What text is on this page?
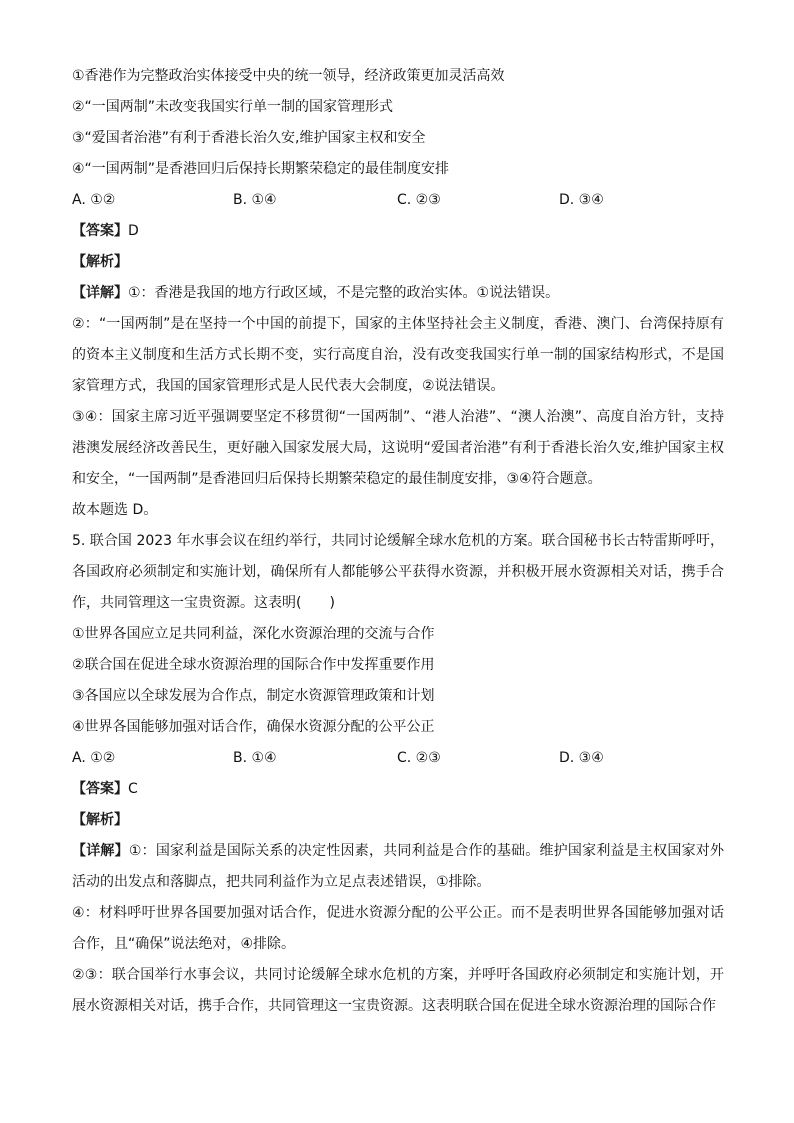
①香港作为完整政治实体接受中央的统一领导，经济政策更加灵活高效
②“一国两制”未改变我国实行单一制的国家管理形式
③“爱国者治港”有利于香港长治久安,维护国家主权和安全
④“一国两制”是香港回归后保持长期繁荣稳定的最佳制度安排
A. ①②	B. ①④	C. ②③	D. ③④
【答案】D
【解析】
【详解】①：香港是我国的地方行政区域，不是完整的政治实体。①说法错误。
②：“一国两制”是在坚持一个中国的前提下，国家的主体坚持社会主义制度，香港、澳门、台湾保持原有的资本主义制度和生活方式长期不变，实行高度自治，没有改变我国实行单一制的国家结构形式，不是国家管理方式，我国的国家管理形式是人民代表大会制度，②说法错误。
③④：国家主席习近平强调要坚定不移贯彻“一国两制”、“港人治港”、“澳人治澳”、高度自治方针，支持港澳发展经济改善民生，更好融入国家发展大局，这说明“爱国者治港”有利于香港长治久安,维护国家主权和安全，“一国两制”是香港回归后保持长期繁荣稳定的最佳制度安排，③④符合题意。
故本题选 D。
5. 联合国 2023 年水事会议在纽约举行，共同讨论缓解全球水危机的方案。联合国秘书长古特雷斯呼吁，各国政府必须制定和实施计划，确保所有人都能够公平获得水资源，并积极开展水资源相关对话，携手合作，共同管理这一宝贵资源。这表明(　　)
①世界各国应立足共同利益，深化水资源治理的交流与合作
②联合国在促进全球水资源治理的国际合作中发挥重要作用
③各国应以全球发展为合作点，制定水资源管理政策和计划
④世界各国能够加强对话合作，确保水资源分配的公平公正
A. ①②	B. ①④	C. ②③	D. ③④
【答案】C
【解析】
【详解】①：国家利益是国际关系的决定性因素，共同利益是合作的基础。维护国家利益是主权国家对外活动的出发点和落脚点，把共同利益作为立足点表述错误，①排除。
④：材料呼吁世界各国要加强对话合作，促进水资源分配的公平公正。而不是表明世界各国能够加强对话合作，且“确保”说法绝对，④排除。
②③：联合国举行水事会议，共同讨论缓解全球水危机的方案，并呼吁各国政府必须制定和实施计划，开展水资源相关对话，携手合作，共同管理这一宝贵资源。这表明联合国在促进全球水资源治理的国际合作
